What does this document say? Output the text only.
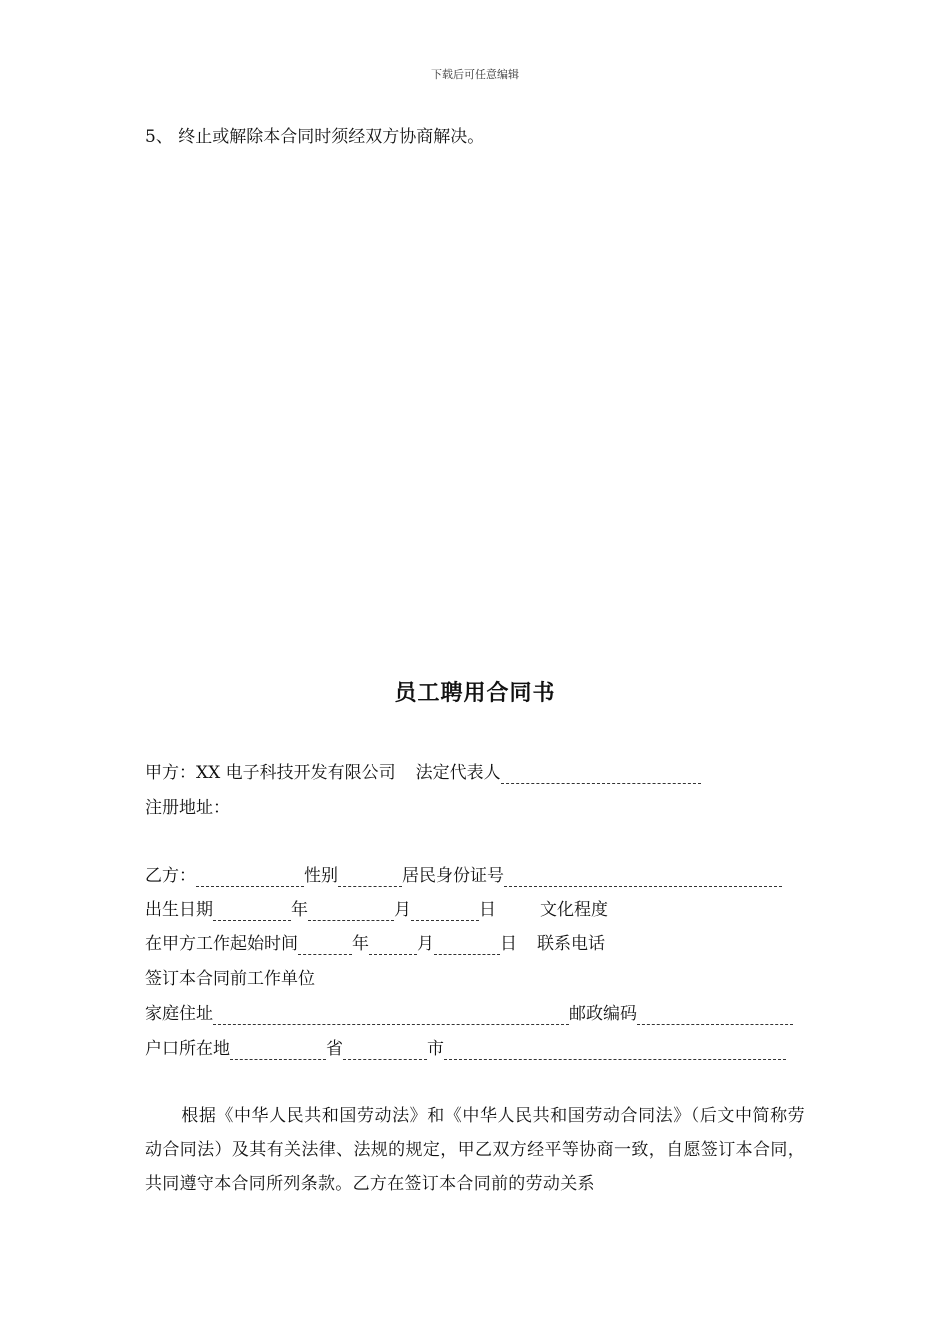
下载后可任意编辑
5、 终止或解除本合同时须经双方协商解决。
员工聘用合同书
甲方：XX 电子科技开发有限公司 法定代表人
注册地址：
乙方：	性别	居民身份证号
出生日期	年	月	日	文化程度
在甲方工作起始时间	年	月	日 联系电话
签订本合同前工作单位
家庭住址	邮政编码
户口所在地	省	市
根据《中华人民共和国劳动法》和《中华人民共和国劳动合同法》（后文中简称劳动合同法）及其有关法律、法规的规定，甲乙双方经平等协商一致，自愿签订本合同，共同遵守本合同所列条款。乙方在签订本合同前的劳动关系
